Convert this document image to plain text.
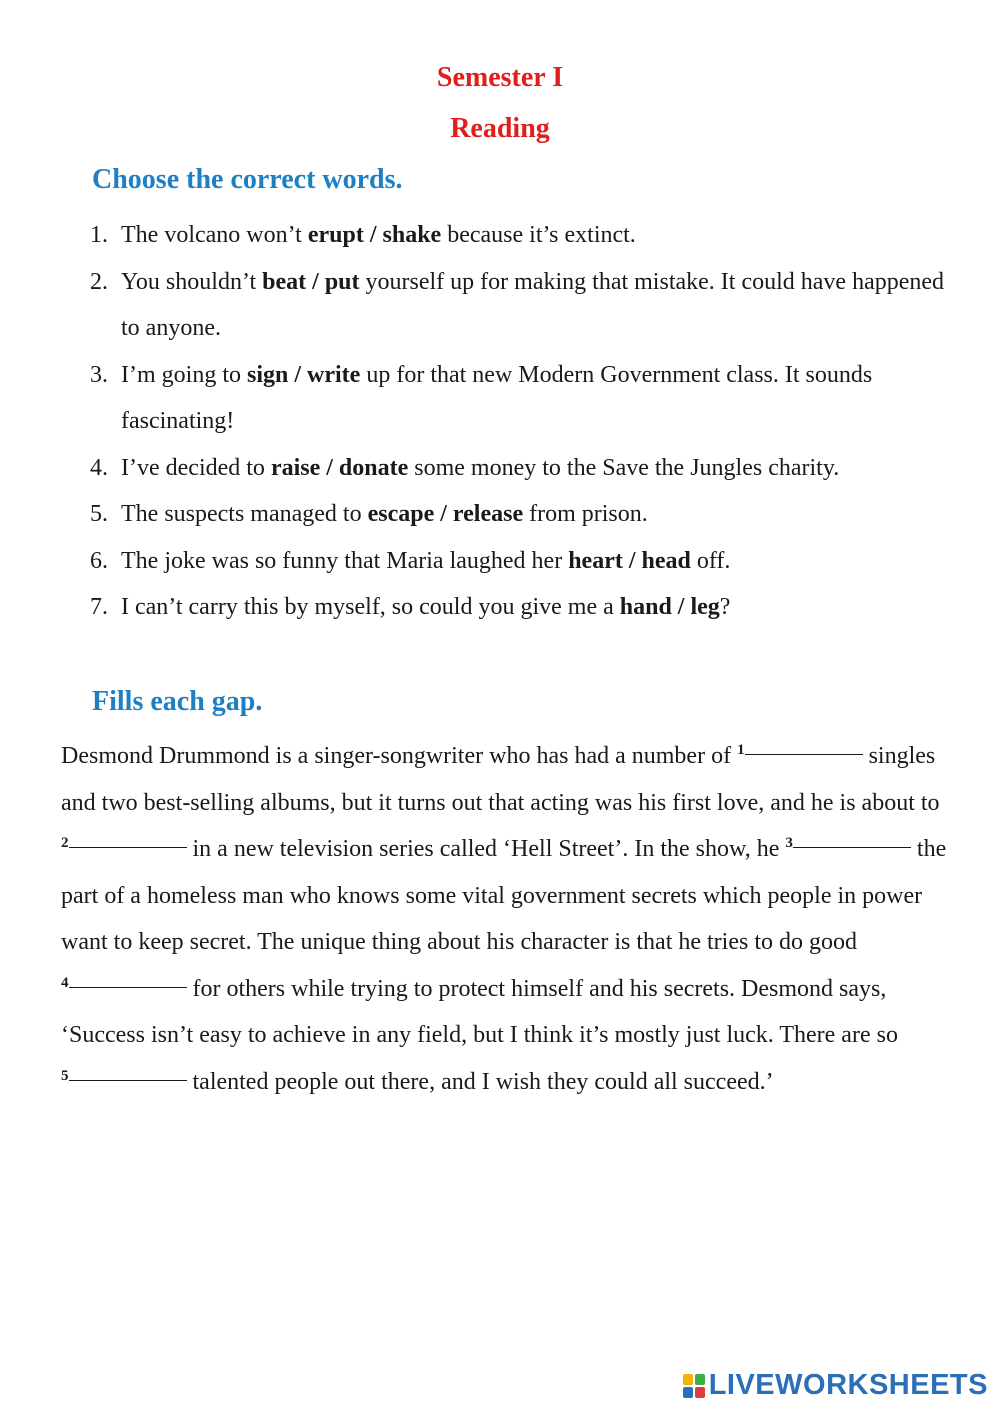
Semester I
Reading
Choose the correct words.
1. The volcano won’t erupt / shake because it’s extinct.
2. You shouldn’t beat / put yourself up for making that mistake. It could have happened to anyone.
3. I’m going to sign / write up for that new Modern Government class. It sounds fascinating!
4. I’ve decided to raise / donate some money to the Save the Jungles charity.
5. The suspects managed to escape / release from prison.
6. The joke was so funny that Maria laughed her heart / head off.
7. I can’t carry this by myself, so could you give me a hand / leg?
Fills each gap.

Desmond Drummond is a singer-songwriter who has had a number of $^1$	singles and two best-selling albums, but it turns out that acting was his first love, and he is about to $^2$	in a new television series called ‘Hell Street’. In the show, he $^3$	the part of a homeless man who knows some vital government secrets which people in power want to keep secret. The unique thing about his character is that he tries to do good $^4$	for others while trying to protect himself and his secrets. Desmond says, ‘Success isn’t easy to achieve in any field, but I think it’s mostly just luck. There are so $^5$	talented people out there, and I wish they could all succeed.’

LIVEWORKSHEETS
